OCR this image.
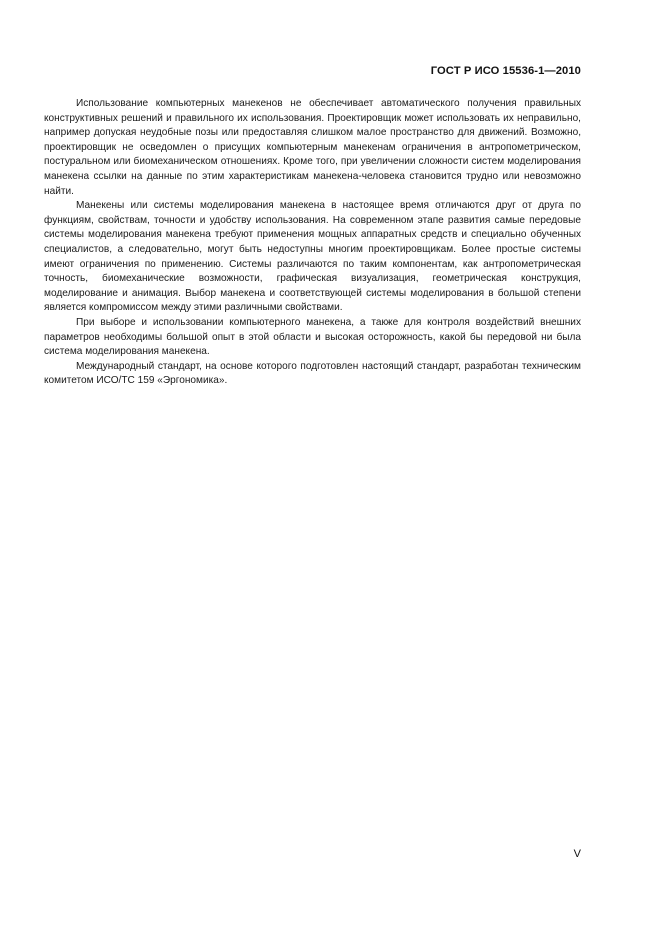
ГОСТ Р ИСО 15536-1—2010

Использование компьютерных манекенов не обеспечивает автоматического получения правильных конструктивных решений и правильного их использования. Проектировщик может использовать их неправильно, например допуская неудобные позы или предоставляя слишком малое пространство для движений. Возможно, проектировщик не осведомлен о присущих компьютерным манекенам ограничения в антропометрическом, постуральном или биомеханическом отношениях. Кроме того, при увеличении сложности систем моделирования манекена ссылки на данные по этим характеристикам манекена-человека становится трудно или невозможно найти.

Манекены или системы моделирования манекена в настоящее время отличаются друг от друга по функциям, свойствам, точности и удобству использования. На современном этапе развития самые передовые системы моделирования манекена требуют применения мощных аппаратных средств и специально обученных специалистов, а следовательно, могут быть недоступны многим проектировщикам. Более простые системы имеют ограничения по применению. Системы различаются по таким компонентам, как антропометрическая точность, биомеханические возможности, графическая визуализация, геометрическая конструкция, моделирование и анимация. Выбор манекена и соответствующей системы моделирования в большой степени является компромиссом между этими различными свойствами.

При выборе и использовании компьютерного манекена, а также для контроля воздействий внешних параметров необходимы большой опыт в этой области и высокая осторожность, какой бы передовой ни была система моделирования манекена.

Международный стандарт, на основе которого подготовлен настоящий стандарт, разработан техническим комитетом ИСО/ТС 159 «Эргономика».

V
